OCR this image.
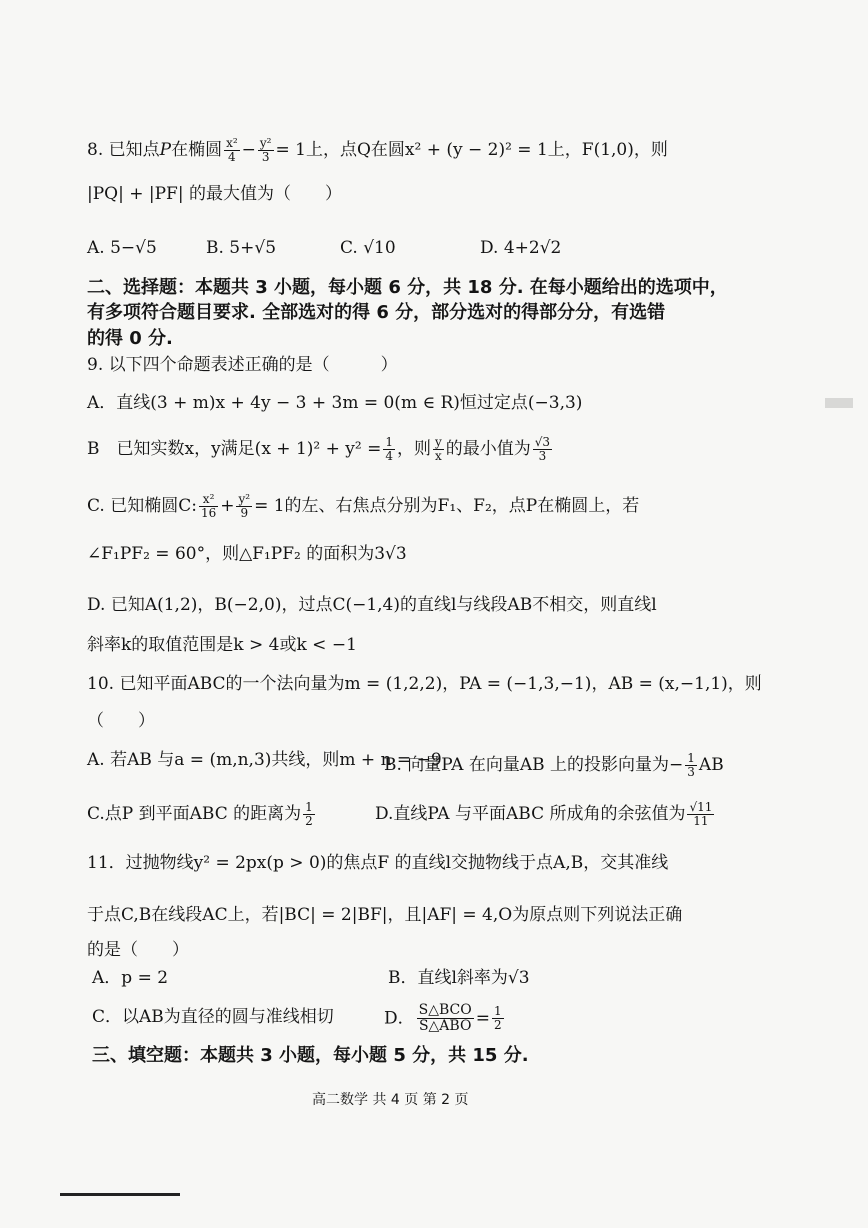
8. 已知点P在椭圆 $\frac{\text{x²}}{4} - \frac{\text{y²}}{3} = 1$上，点Q在圆x² + (y − 2)² = 1上，F(1,0)，则
|PQ| + |PF| 的最大值为（　　）
A. 5−√5	B. 5+√5	C. √10	D. 4+2√2
二、选择题：本题共 3 小题，每小题 6 分，共 18 分. 在每小题给出的选项中，
有多项符合题目要求. 全部选对的得 6 分，部分选对的得部分分，有选错
的得 0 分.
9. 以下四个命题表述正确的是（　　　）
A．直线(3 + m)x + 4y − 3 + 3m = 0(m ∈ R)恒过定点(−3,3)
B　已知实数x，y满足$(x + 1)^2 + y^2 = \frac{1}{4}$ ，则 $\frac{y}{x}$ 的最小值为 $\frac{√3}{3}$
C. 已知椭圆C: $\frac{\text{x²}}{16} + \frac{\text{y²}}{9} = 1$的左、右焦点分别为F₁、F₂，点P在椭圆上，若
∠F₁PF₂ = 60°，则△F₁PF₂ 的面积为3√3
D. 已知A(1,2)，B(−2,0)，过点C(−1,4)的直线l与线段AB不相交，则直线l
斜率k的取值范围是k > 4或k < −1
10. 已知平面ABC的一个法向量为m = (1,2,2)，PA = (−1,3,−1)，AB = (x,−1,1)，则
（　　）
A. 若AB 与a = (m,n,3)共线，则m + n = −9
B. 向量PA 在向量AB 上的投影向量为− $\frac{1}{3}$ AB
C.点P 到平面ABC 的距离为 $\frac{1}{2}$	D.直线PA 与平面ABC 所成角的余弦值为 $\frac{√11}{11}$
11．过抛物线y² = 2px(p > 0)的焦点F 的直线l交抛物线于点A,B，交其准线
于点C,B在线段AC上，若|BC| = 2|BF|，且|AF| = 4,O为原点则下列说法正确
的是（　　）
A．p = 2	B．直线l斜率为√3
C．以AB为直径的圆与准线相切	D． $\frac{\text{S△BCO}}{\text{S△ABO}} = \frac{1}{2}$
三、填空题：本题共 3 小题，每小题 5 分，共 15 分.
高二数学 共 4 页 第 2 页
